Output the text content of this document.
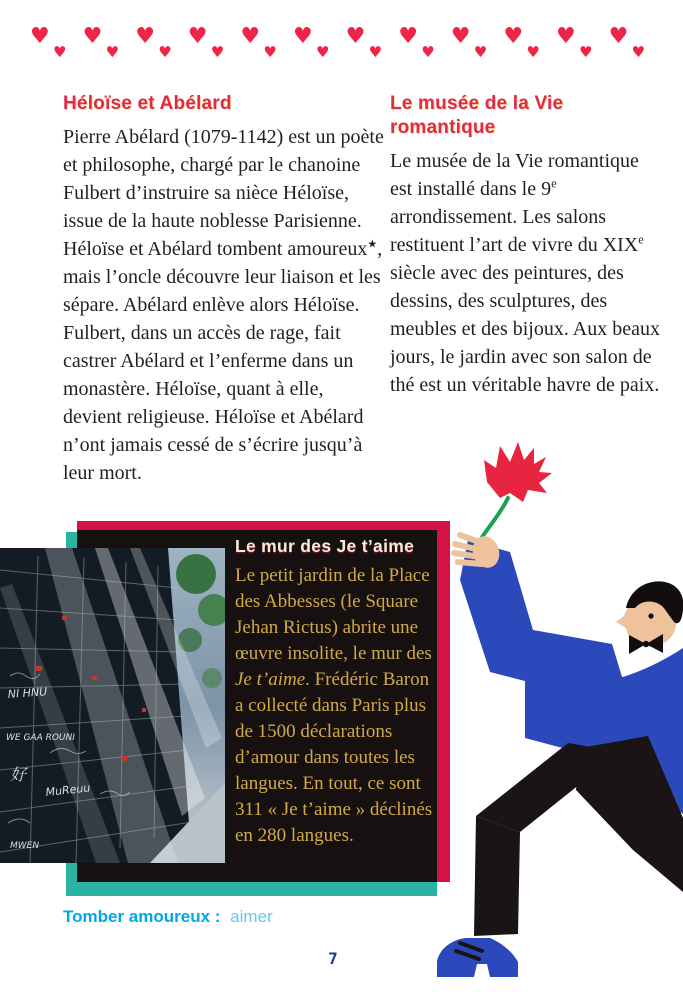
♥
♥
♥
♥
♥
♥
♥
♥
♥
♥
♥
♥
♥
♥
♥
♥
♥
♥
♥
♥
♥
♥
♥
♥
Héloïse et Abélard
Pierre Abélard (1079-1142) est un poète et philosophe, chargé par le chanoine Fulbert d’instruire sa nièce Héloïse, issue de la haute noblesse Parisienne. Héloïse et Abélard tombent amoureux★, mais l’oncle découvre leur liaison et les sépare. Abélard enlève alors Héloïse. Fulbert, dans un accès de rage, fait castrer Abélard et l’enferme dans un monastère. Héloïse, quant à elle, devient religieuse. Héloïse et Abélard n’ont jamais cessé de s’écrire jusqu’à leur mort.
Le musée de la Vie romantique
Le musée de la Vie romantique est installé dans le 9e arrondissement. Les salons restituent l’art de vivre du XIXe siècle avec des peintures, des dessins, des sculptures, des meubles et des bijoux. Aux beaux jours, le jardin avec son salon de thé est un véritable havre de paix.
NI HNU
WE GAA ROUNI
好
MuReuu
MWEN
Le mur des Je t’aime
Le petit jardin de la Place des Abbesses (le Square Jehan Rictus) abrite une œuvre insolite, le mur des Je t’aime. Frédéric Baron a collecté dans Paris plus de 1500 déclarations d’amour dans toutes les langues. En tout, ce sont 311 « Je t’aime » déclinés en 280 langues.
Tomber amoureux : aimer
7
